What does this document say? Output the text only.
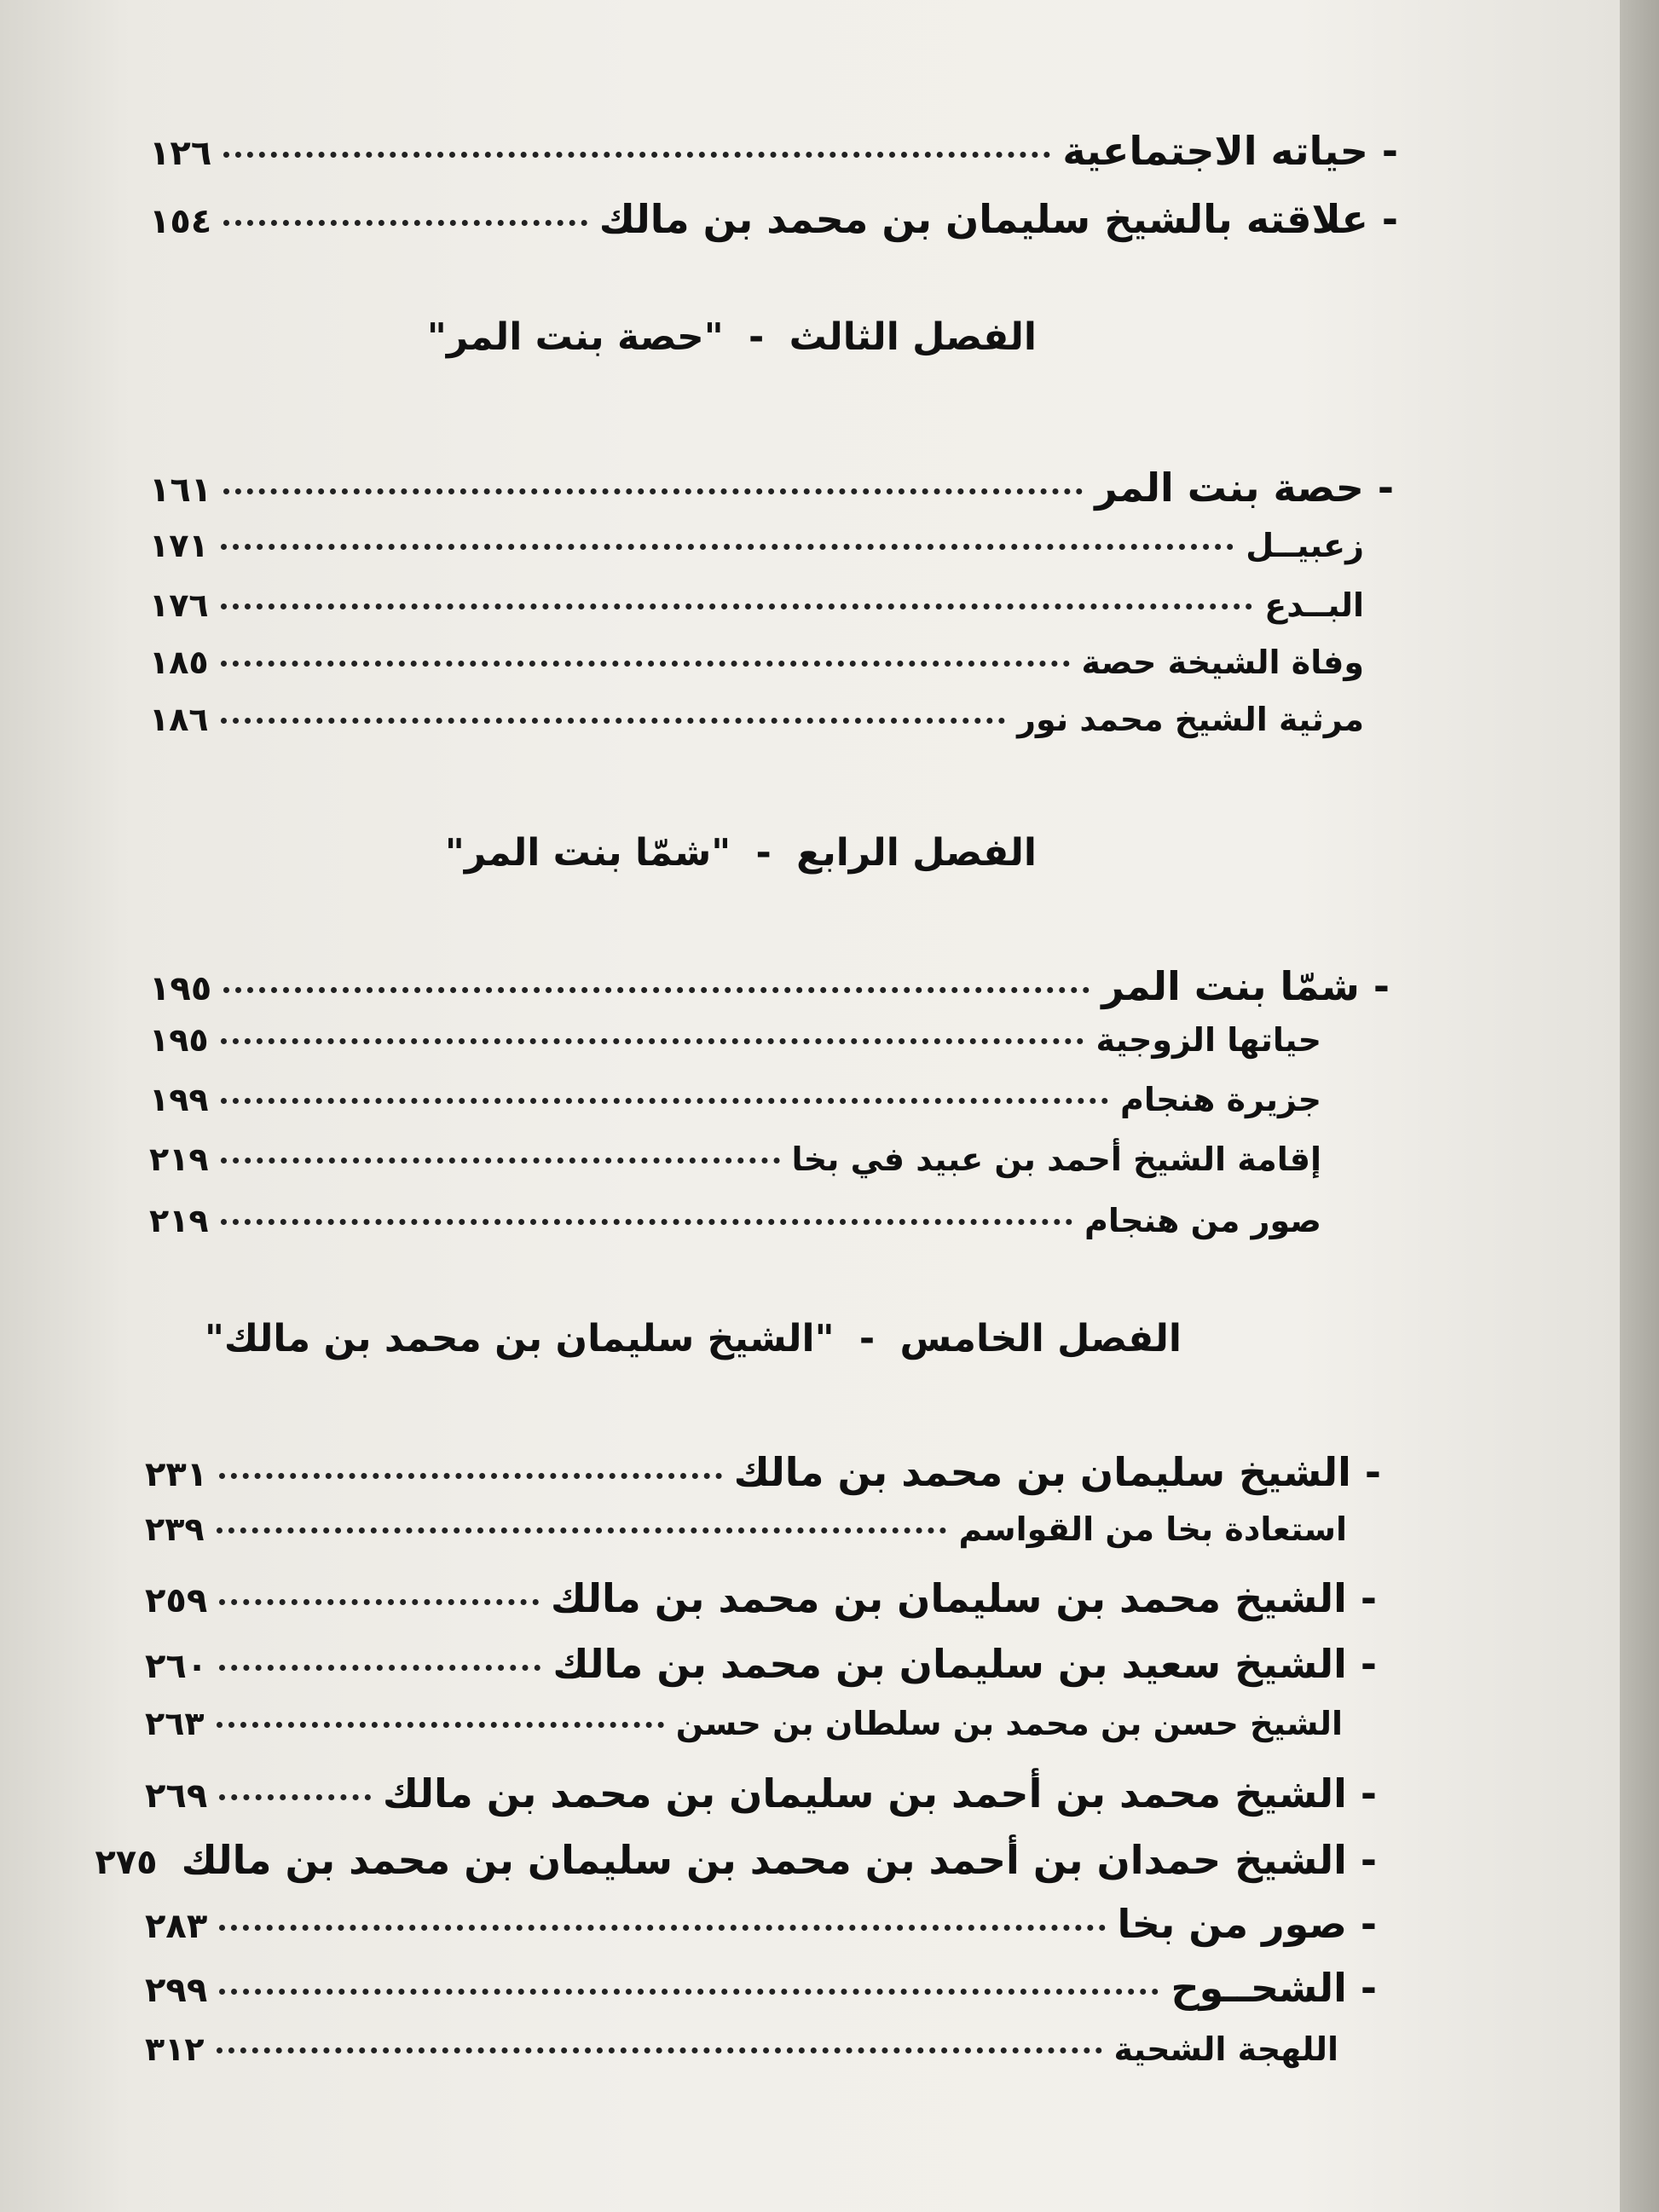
- حياته الاجتماعية
١٢٦
- علاقته بالشيخ سليمان بن محمد بن مالك
١٥٤
الفصل الثالث - "حصة بنت المر"
- حصة بنت المر
١٦١
زعبيــل
١٧١
البــدع
١٧٦
وفاة الشيخة حصة
١٨٥
مرثية الشيخ محمد نور
١٨٦
الفصل الرابع - "شمّا بنت المر"
- شمّا بنت المر
١٩٥
حياتها الزوجية
١٩٥
جزيرة هنجام
١٩٩
إقامة الشيخ أحمد بن عبيد في بخا
٢١٩
صور من هنجام
٢١٩
الفصل الخامس - "الشيخ سليمان بن محمد بن مالك"
- الشيخ سليمان بن محمد بن مالك
٢٣١
استعادة بخا من القواسم
٢٣٩
- الشيخ محمد بن سليمان بن محمد بن مالك
٢٥٩
- الشيخ سعيد بن سليمان بن محمد بن مالك
٢٦٠
الشيخ حسن بن محمد بن سلطان بن حسن
٢٦٣
- الشيخ محمد بن أحمد بن سليمان بن محمد بن مالك
٢٦٩
- الشيخ حمدان بن أحمد بن محمد بن سليمان بن محمد بن مالك
٢٧٥
- صور من بخا
٢٨٣
- الشحــوح
٢٩٩
اللهجة الشحية
٣١٢
